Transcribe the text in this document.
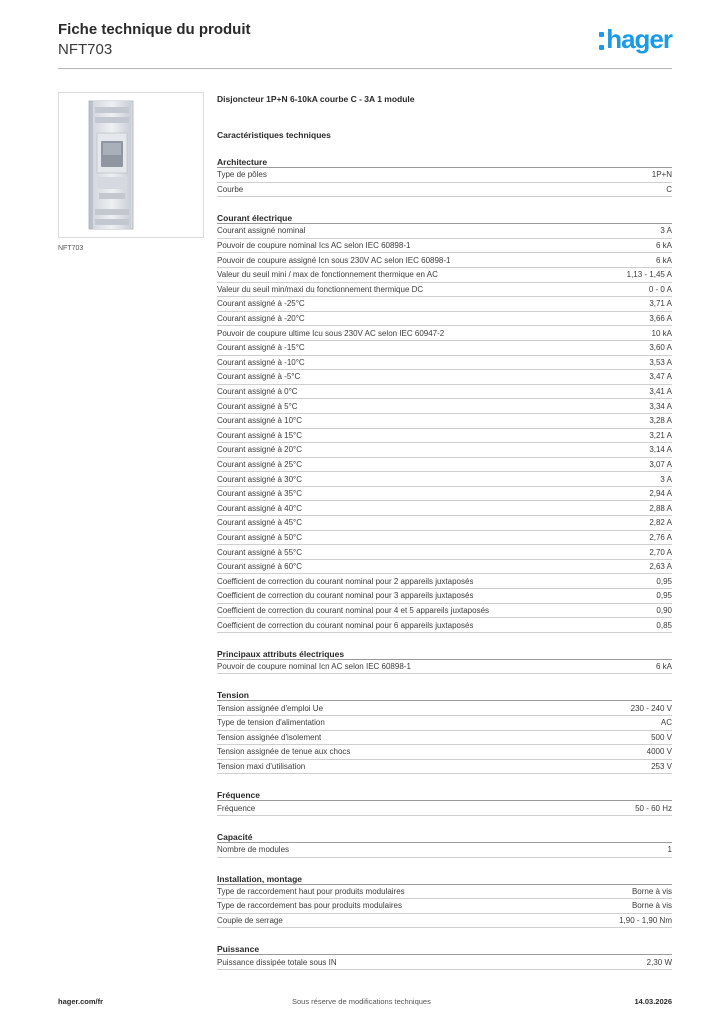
Fiche technique du produit
NFT703	hager
NFT703
Disjoncteur 1P+N 6-10kA courbe C - 3A 1 module
Caractéristiques techniques
Architecture
Type de pôles	1P+N
Courbe	C
Courant électrique
Courant assigné nominal	3 A
Pouvoir de coupure nominal Ics AC selon IEC 60898-1	6 kA
Pouvoir de coupure assigné Icn sous 230V AC selon IEC 60898-1	6 kA
Valeur du seuil mini / max de fonctionnement thermique en AC	1,13 - 1,45 A
Valeur du seuil min/maxi du fonctionnement thermique DC	0 - 0 A
Courant assigné à -25°C	3,71 A
Courant assigné à -20°C	3,66 A
Pouvoir de coupure ultime Icu sous 230V AC selon IEC 60947-2	10 kA
Courant assigné à -15°C	3,60 A
Courant assigné à -10°C	3,53 A
Courant assigné à -5°C	3,47 A
Courant assigné à 0°C	3,41 A
Courant assigné à 5°C	3,34 A
Courant assigné à 10°C	3,28 A
Courant assigné à 15°C	3,21 A
Courant assigné à 20°C	3,14 A
Courant assigné à 25°C	3,07 A
Courant assigné à 30°C	3 A
Courant assigné à 35°C	2,94 A
Courant assigné à 40°C	2,88 A
Courant assigné à 45°C	2,82 A
Courant assigné à 50°C	2,76 A
Courant assigné à 55°C	2,70 A
Courant assigné à 60°C	2,63 A
Coefficient de correction du courant nominal pour 2 appareils juxtaposés	0,95
Coefficient de correction du courant nominal pour 3 appareils juxtaposés	0,95
Coefficient de correction du courant nominal pour 4 et 5 appareils juxtaposés	0,90
Coefficient de correction du courant nominal pour 6 appareils juxtaposés	0,85
Principaux attributs électriques
Pouvoir de coupure nominal Icn AC selon IEC 60898-1	6 kA
Tension
Tension assignée d'emploi Ue	230 - 240 V
Type de tension d'alimentation	AC
Tension assignée d'isolement	500 V
Tension assignée de tenue aux chocs	4000 V
Tension maxi d'utilisation	253 V
Fréquence
Fréquence	50 - 60 Hz
Capacité
Nombre de modules	1
Installation, montage
Type de raccordement haut pour produits modulaires	Borne à vis
Type de raccordement bas pour produits modulaires	Borne à vis
Couple de serrage	1,90 - 1,90 Nm
Puissance
Puissance dissipée totale sous IN	2,30 W
hager.com/fr	Sous réserve de modifications techniques	14.03.2026
